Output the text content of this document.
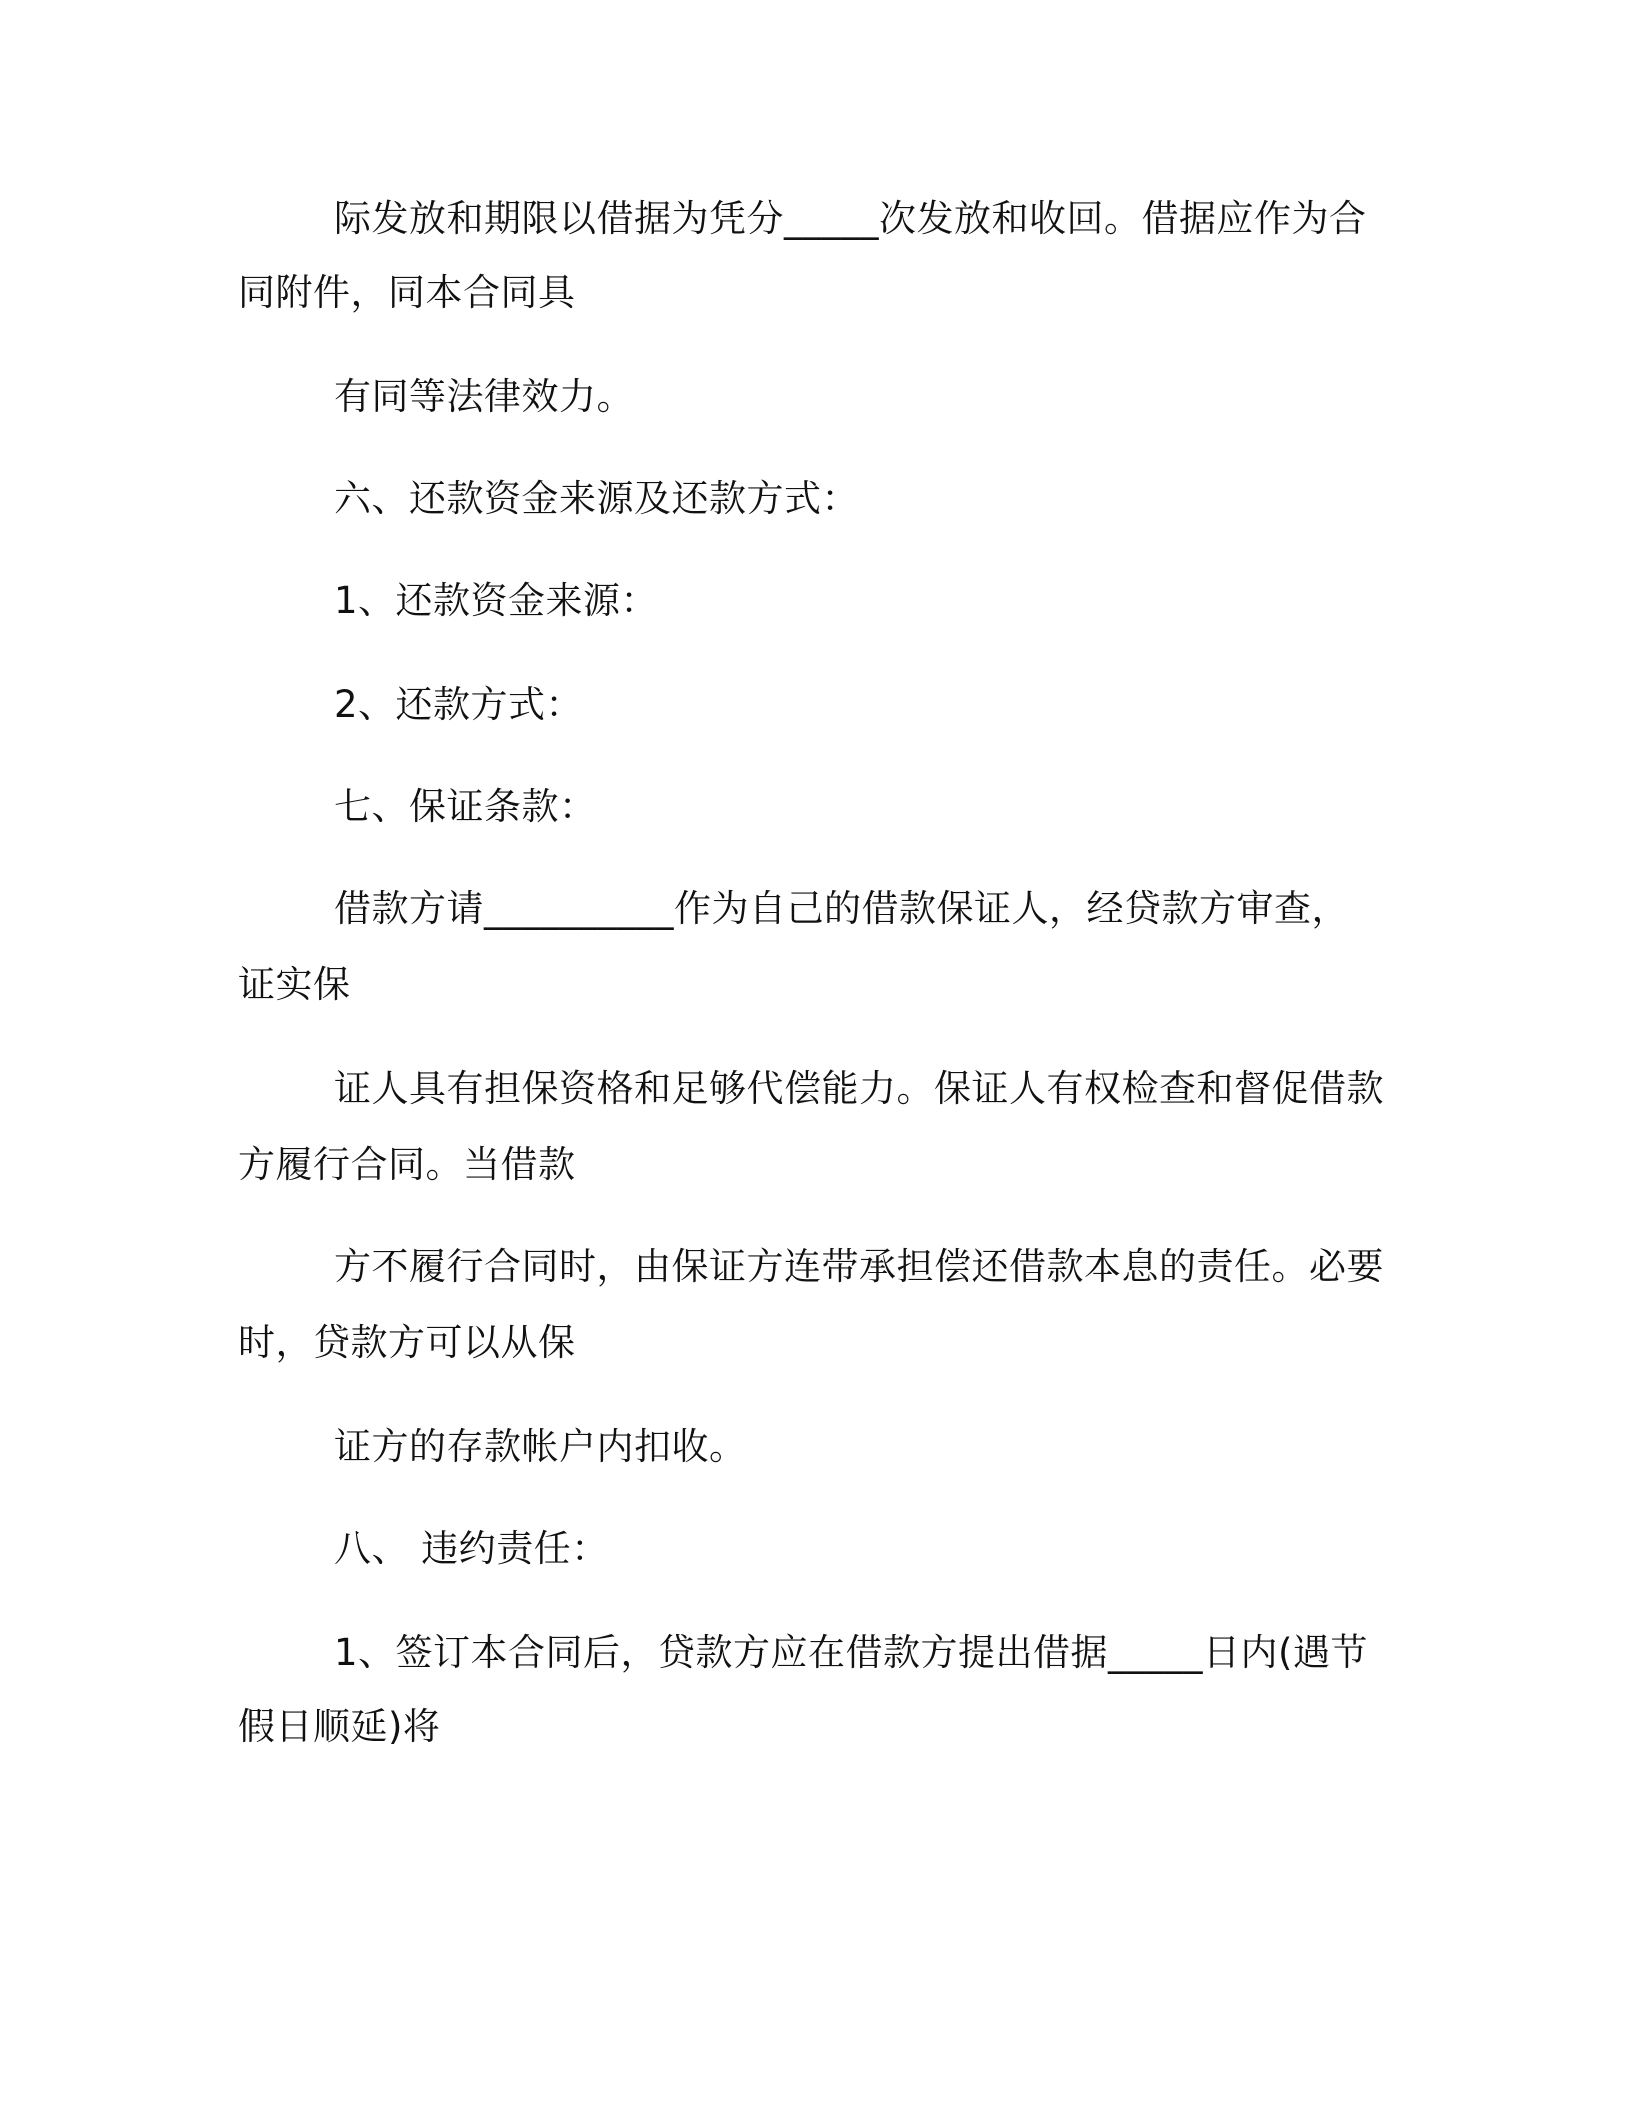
际发放和期限以借据为凭分_____次发放和收回。借据应作为合
同附件，同本合同具
有同等法律效力。
六、还款资金来源及还款方式：
1、还款资金来源：
2、还款方式：
七、保证条款：
借款方请__________作为自己的借款保证人，经贷款方审查，
证实保
证人具有担保资格和足够代偿能力。保证人有权检查和督促借款
方履行合同。当借款
方不履行合同时，由保证方连带承担偿还借款本息的责任。必要
时，贷款方可以从保
证方的存款帐户内扣收。
八、 违约责任：
1、签订本合同后，贷款方应在借款方提出借据_____日内(遇节
假日顺延)将
